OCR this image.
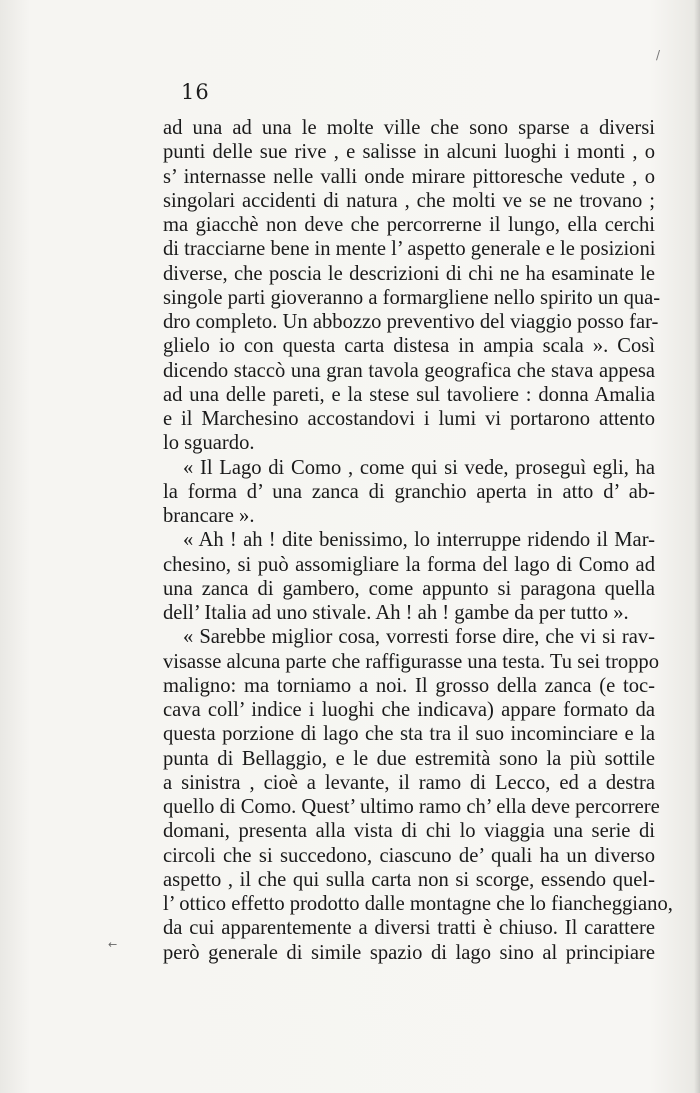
/
16
ad una ad una le molte ville che sono sparse a diversi
punti delle sue rive , e salisse in alcuni luoghi i monti , o
s’ internasse nelle valli onde mirare pittoresche vedute , o
singolari accidenti di natura , che molti ve se ne trovano ;
ma giacchè non deve che percorrerne il lungo, ella cerchi
di tracciarne bene in mente l’ aspetto generale e le posizioni
diverse, che poscia le descrizioni di chi ne ha esaminate le
singole parti gioveranno a formargliene nello spirito un qua-
dro completo. Un abbozzo preventivo del viaggio posso far-
glielo io con questa carta distesa in ampia scala ». Così
dicendo staccò una gran tavola geografica che stava appesa
ad una delle pareti, e la stese sul tavoliere : donna Amalia
e il Marchesino accostandovi i lumi vi portarono attento
lo sguardo.
« Il Lago di Como , come qui si vede, proseguì egli, ha
la forma d’ una zanca di granchio aperta in atto d’ ab-
brancare ».
« Ah ! ah ! dite benissimo, lo interruppe ridendo il Mar-
chesino, si può assomigliare la forma del lago di Como ad
una zanca di gambero, come appunto si paragona quella
dell’ Italia ad uno stivale. Ah ! ah ! gambe da per tutto ».
« Sarebbe miglior cosa, vorresti forse dire, che vi si rav-
visasse alcuna parte che raffigurasse una testa. Tu sei troppo
maligno: ma torniamo a noi. Il grosso della zanca (e toc-
cava coll’ indice i luoghi che indicava) appare formato da
questa porzione di lago che sta tra il suo incominciare e la
punta di Bellaggio, e le due estremità sono la più sottile
a sinistra , cioè a levante, il ramo di Lecco, ed a destra
quello di Como. Quest’ ultimo ramo ch’ ella deve percorrere
domani, presenta alla vista di chi lo viaggia una serie di
circoli che si succedono, ciascuno de’ quali ha un diverso
aspetto , il che qui sulla carta non si scorge, essendo quel-
l’ ottico effetto prodotto dalle montagne che lo fiancheggiano,
da cui apparentemente a diversi tratti è chiuso. Il carattere
però generale di simile spazio di lago sino al principiare
←
